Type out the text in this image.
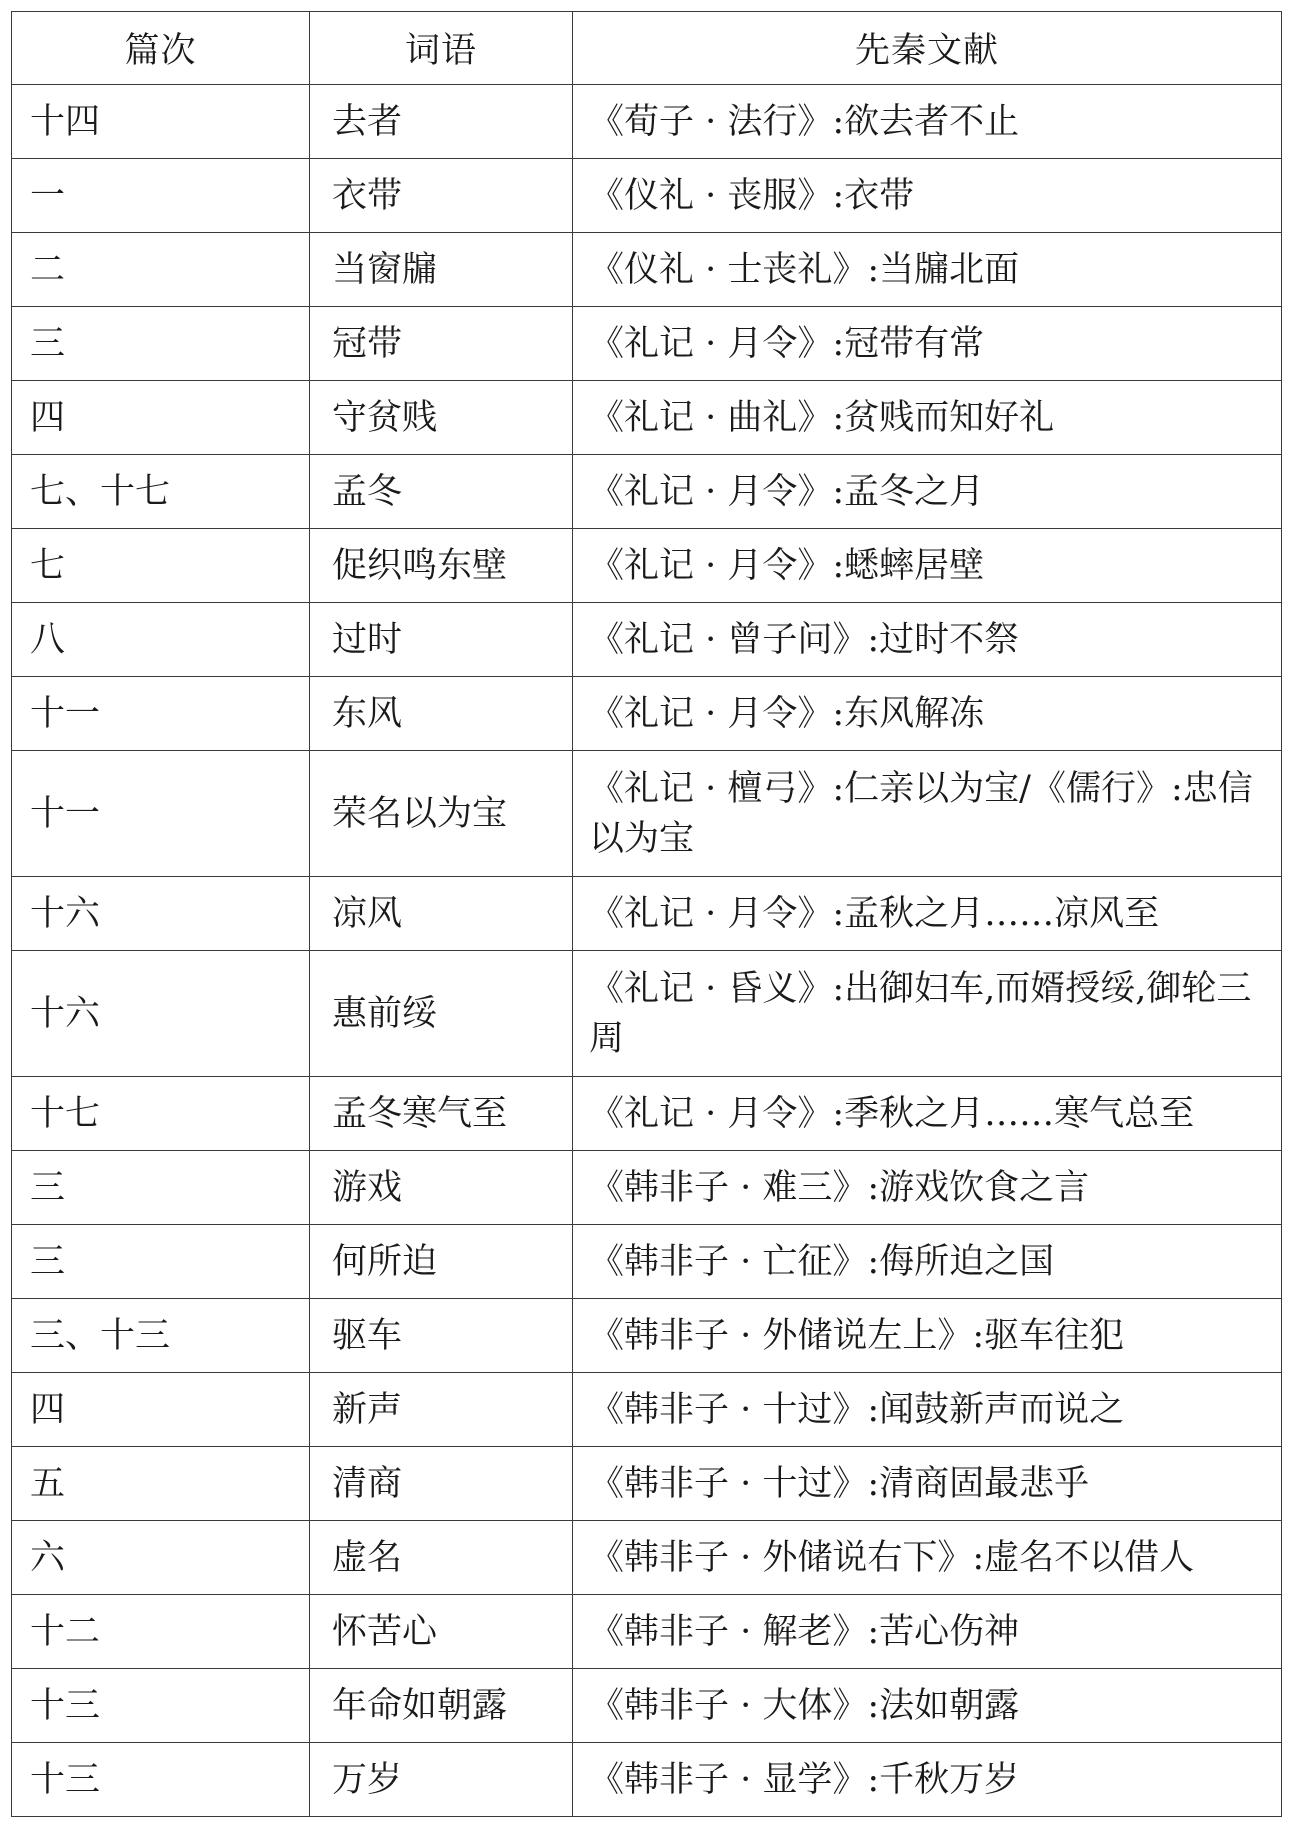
篇次	词语	先秦文献
十四	去者	《荀子 · 法行》:欲去者不止
一	衣带	《仪礼 · 丧服》:衣带
二	当窗牖	《仪礼 · 士丧礼》:当牖北面
三	冠带	《礼记 · 月令》:冠带有常
四	守贫贱	《礼记 · 曲礼》:贫贱而知好礼
七、十七	孟冬	《礼记 · 月令》:孟冬之月
七	促织鸣东壁	《礼记 · 月令》:蟋蟀居壁
八	过时	《礼记 · 曾子问》:过时不祭
十一	东风	《礼记 · 月令》:东风解冻
十一	荣名以为宝	《礼记 · 檀弓》:仁亲以为宝/《儒行》:忠信以为宝
十六	凉风	《礼记 · 月令》:孟秋之月……凉风至
十六	惠前绥	《礼记 · 昏义》:出御妇车,而婿授绥,御轮三周
十七	孟冬寒气至	《礼记 · 月令》:季秋之月……寒气总至
三	游戏	《韩非子 · 难三》:游戏饮食之言
三	何所迫	《韩非子 · 亡征》:侮所迫之国
三、十三	驱车	《韩非子 · 外储说左上》:驱车往犯
四	新声	《韩非子 · 十过》:闻鼓新声而说之
五	清商	《韩非子 · 十过》:清商固最悲乎
六	虚名	《韩非子 · 外储说右下》:虚名不以借人
十二	怀苦心	《韩非子 · 解老》:苦心伤神
十三	年命如朝露	《韩非子 · 大体》:法如朝露
十三	万岁	《韩非子 · 显学》:千秋万岁
